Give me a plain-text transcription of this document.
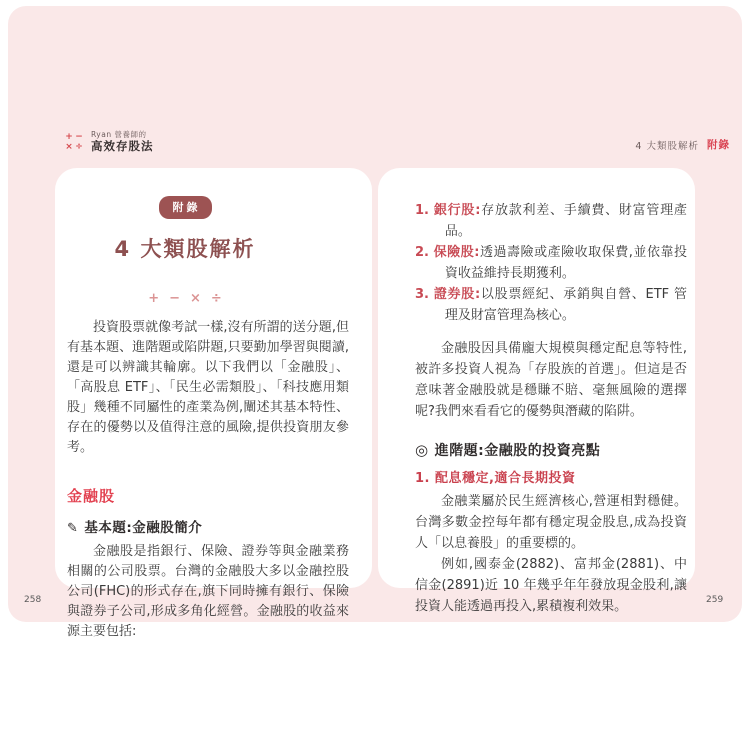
+ −
× ÷
Ryan 營養師的
高效存股法	4 大類股解析 附錄
附錄
4 大類股解析
+ − × ÷

投資股票就像考試一樣,沒有所謂的送分題,但有基本題、進階題或陷阱題,只要勤加學習與閱讀,還是可以辨識其輪廓。以下我們以「金融股」、「高股息 ETF」、「民生必需類股」、「科技應用類股」幾種不同屬性的產業為例,闡述其基本特性、存在的優勢以及值得注意的風險,提供投資朋友參考。

金融股
✎ 基本題:金融股簡介

金融股是指銀行、保險、證券等與金融業務相關的公司股票。台灣的金融股大多以金融控股公司(FHC)的形式存在,旗下同時擁有銀行、保險與證券子公司,形成多角化經營。金融股的收益來源主要包括:

1. 銀行股:存放款利差、手續費、財富管理產品。

2. 保險股:透過壽險或產險收取保費,並依靠投資收益維持長期獲利。

3. 證券股:以股票經紀、承銷與自營、ETF 管理及財富管理為核心。

金融股因具備龐大規模與穩定配息等特性,被許多投資人視為「存股族的首選」。但這是否意味著金融股就是穩賺不賠、毫無風險的選擇呢?我們來看看它的優勢與潛藏的陷阱。

◎ 進階題:金融股的投資亮點
1. 配息穩定,適合長期投資

金融業屬於民生經濟核心,營運相對穩健。台灣多數金控每年都有穩定現金股息,成為投資人「以息養股」的重要標的。

例如,國泰金(2882)、富邦金(2881)、中信金(2891)近 10 年幾乎年年發放現金股利,讓投資人能透過再投入,累積複利效果。

258	259
